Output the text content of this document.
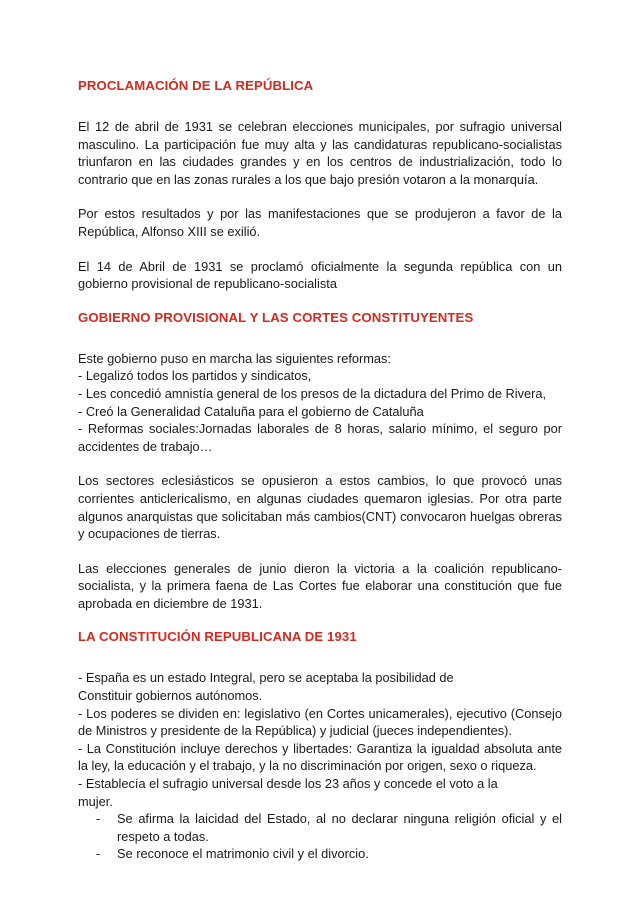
PROCLAMACIÓN DE LA REPÚBLICA

El 12 de abril de 1931 se celebran elecciones municipales, por sufragio universal masculino. La participación fue muy alta y las candidaturas republicano-socialistas triunfaron en las ciudades grandes y en los centros de industrialización, todo lo contrario que en las zonas rurales a los que bajo presión votaron a la monarquía.

Por estos resultados y por las manifestaciones que se produjeron a favor de la República, Alfonso XIII se exilió.

El 14 de Abril de 1931 se proclamó oficialmente la segunda república con un gobierno provisional de republicano-socialista

GOBIERNO PROVISIONAL Y LAS CORTES CONSTITUYENTES

Este gobierno puso en marcha las siguientes reformas:

- Legalizó todos los partidos y sindicatos,

- Les concedió amnistía general de los presos de la dictadura del Primo de Rivera,

- Creó la Generalidad Cataluña para el gobierno de Cataluña

- Reformas sociales:Jornadas laborales de 8 horas, salario mínimo, el seguro por accidentes de trabajo…

Los sectores eclesiásticos se opusieron a estos cambios, lo que provocó unas corrientes anticlericalismo, en algunas ciudades quemaron iglesias. Por otra parte algunos anarquistas que solicitaban más cambios(CNT) convocaron huelgas obreras y ocupaciones de tierras.

Las elecciones generales de junio dieron la victoria a la coalición republicano-socialista, y la primera faena de Las Cortes fue elaborar una constitución que fue aprobada en diciembre de 1931.

LA CONSTITUCIÓN REPUBLICANA DE 1931

- España es un estado Integral, pero se aceptaba la posibilidad de

Constituir gobiernos autónomos.

- Los poderes se dividen en: legislativo (en Cortes unicamerales), ejecutivo (Consejo de Ministros y presidente de la República) y judicial (jueces independientes).

- La Constitución incluye derechos y libertades: Garantiza la igualdad absoluta ante la ley, la educación y el trabajo, y la no discriminación por origen, sexo o riqueza.

- Establecía el sufragio universal desde los 23 años y concede el voto a la

mujer.

- Se afirma la laicidad del Estado, al no declarar ninguna religión oficial y el respeto a todas.
- Se reconoce el matrimonio civil y el divorcio.
